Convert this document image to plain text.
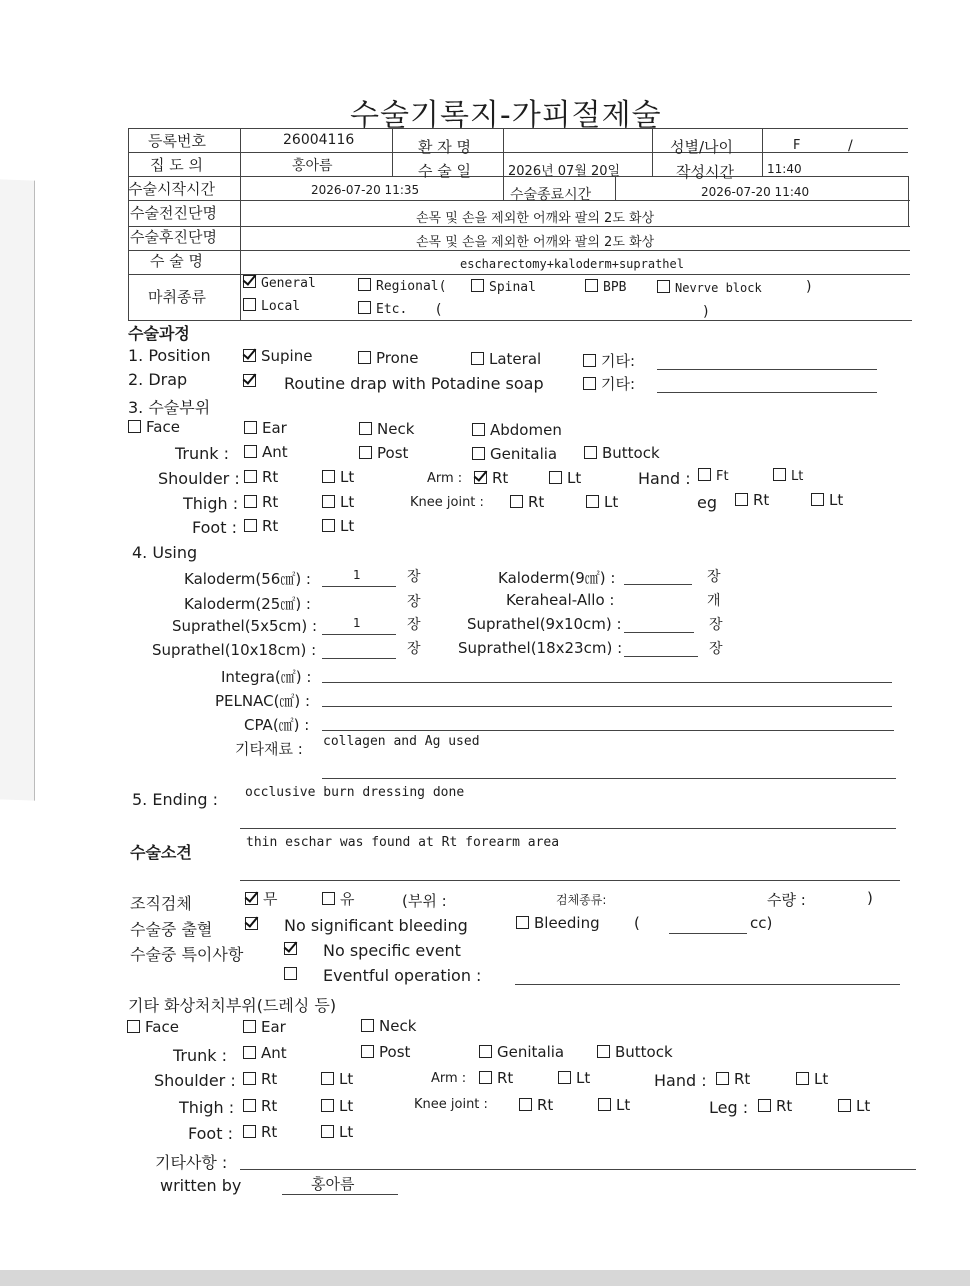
수술기록지-가피절제술
등록번호	26004116	환 자 명	성별/나이	F	/
집 도 의	홍아름	수 술 일	2026년 07월 20일	작성시간	11:40
수술시작시간	2026-07-20 11:35	수술종료시간	2026-07-20 11:40
수술전진단명	손목 및 손을 제외한 어깨와 팔의 2도 화상
수술후진단명	손목 및 손을 제외한 어깨와 팔의 2도 화상
수 술 명	escharectomy+kaloderm+suprathel
마취종류
General	Regional(	Spinal	BPB	Nevrve block	)
Local	Etc. (	)
수술과정
1. Position	Supine	Prone	Lateral	기타:
2. Drap	Routine drap with Potadine soap	기타:
3. 수술부위
Face	Ear	Neck	Abdomen
Trunk :	Ant	Post	Genitalia	Buttock
Shoulder :	Rt	Lt	Arm :	Rt	Lt	Hand :	Ft	Lt
Thigh :	Rt	Lt	Knee joint :	Rt	Lt	eg	Rt	Lt
Foot :	Rt	Lt
4. Using
Kaloderm(56㎠) :	1	장	Kaloderm(9㎠) :	장
Kaloderm(25㎠) :	장	Keraheal-Allo :	개
Suprathel(5x5cm) :	1	장	Suprathel(9x10cm) :	장
Suprathel(10x18cm) :	장 Suprathel(18x23cm) :	장
Integra(㎠) :
PELNAC(㎠) :
CPA(㎠) :
기타재료 : collagen and Ag used
5. Ending : occlusive burn dressing done
수술소견
thin eschar was found at Rt forearm area
조직검체	무	유	(부위 :	검체종류:	수량 :	)
수술중 출혈	No significant bleeding	Bleeding (	cc)
수술중 특이사항	No specific event
Eventful operation :
기타 화상처치부위(드레싱 등)
Face	Ear	Neck
Trunk :	Ant	Post	Genitalia	Buttock
Shoulder :	Rt	Lt	Arm :	Rt	Lt	Hand :	Rt	Lt
Thigh :	Rt	Lt	Knee joint :	Rt	Lt	Leg :	Rt	Lt
Foot :	Rt	Lt
기타사항 :
written by	홍아름
